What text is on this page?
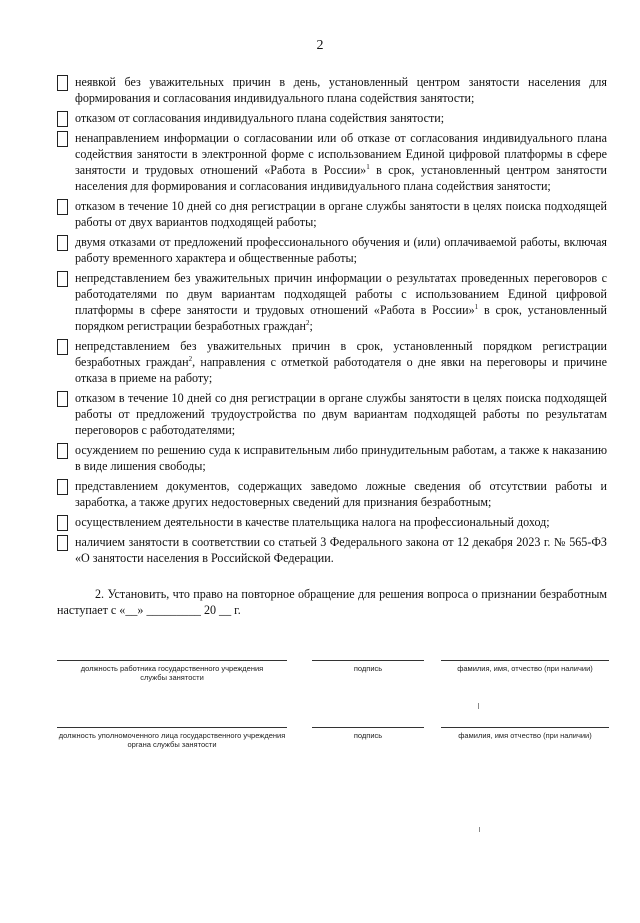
2
неявкой без уважительных причин в день, установленный центром занятости населения для формирования и согласования индивидуального плана содействия занятости;
отказом от согласования индивидуального плана содействия занятости;
ненаправлением информации о согласовании или об отказе от согласования индивидуального плана содействия занятости в электронной форме с использованием Единой цифровой платформы в сфере занятости и трудовых отношений «Работа в России»$^1$ в срок, установленный центром занятости населения для формирования и согласования индивидуального плана содействия занятости;
отказом в течение 10 дней со дня регистрации в органе службы занятости в целях поиска подходящей работы от двух вариантов подходящей работы;
двумя отказами от предложений профессионального обучения и (или) оплачиваемой работы, включая работу временного характера и общественные работы;
непредставлением без уважительных причин информации о результатах проведенных переговоров с работодателями по двум вариантам подходящей работы с использованием Единой цифровой платформы в сфере занятости и трудовых отношений «Работа в России»$^1$ в срок, установленный порядком регистрации безработных граждан$^2$;
непредставлением без уважительных причин в срок, установленный порядком регистрации безработных граждан$^2$, направления с отметкой работодателя о дне явки на переговоры и причине отказа в приеме на работу;
отказом в течение 10 дней со дня регистрации в органе службы занятости в целях поиска подходящей работы от предложений трудоустройства по двум вариантам подходящей работы по результатам переговоров с работодателями;
осуждением по решению суда к исправительным либо принудительным работам, а также к наказанию в виде лишения свободы;
представлением документов, содержащих заведомо ложные сведения об отсутствии работы и заработка, а также других недостоверных сведений для признания безработным;
осуществлением деятельности в качестве плательщика налога на профессиональный доход;
наличием занятости в соответствии со статьей 3 Федерального закона от 12 декабря 2023 г. № 565-ФЗ «О занятости населения в Российской Федерации.
2. Установить, что право на повторное обращение для решения вопроса о признании безработным наступает с «__» _________ 20 __ г.
должность работника государственного учреждения службы занятости
подпись	фамилия, имя, отчество (при наличии)
должность уполномоченного лица государственного учреждения органа службы занятости
подпись	фамилия, имя отчество (при наличии)
